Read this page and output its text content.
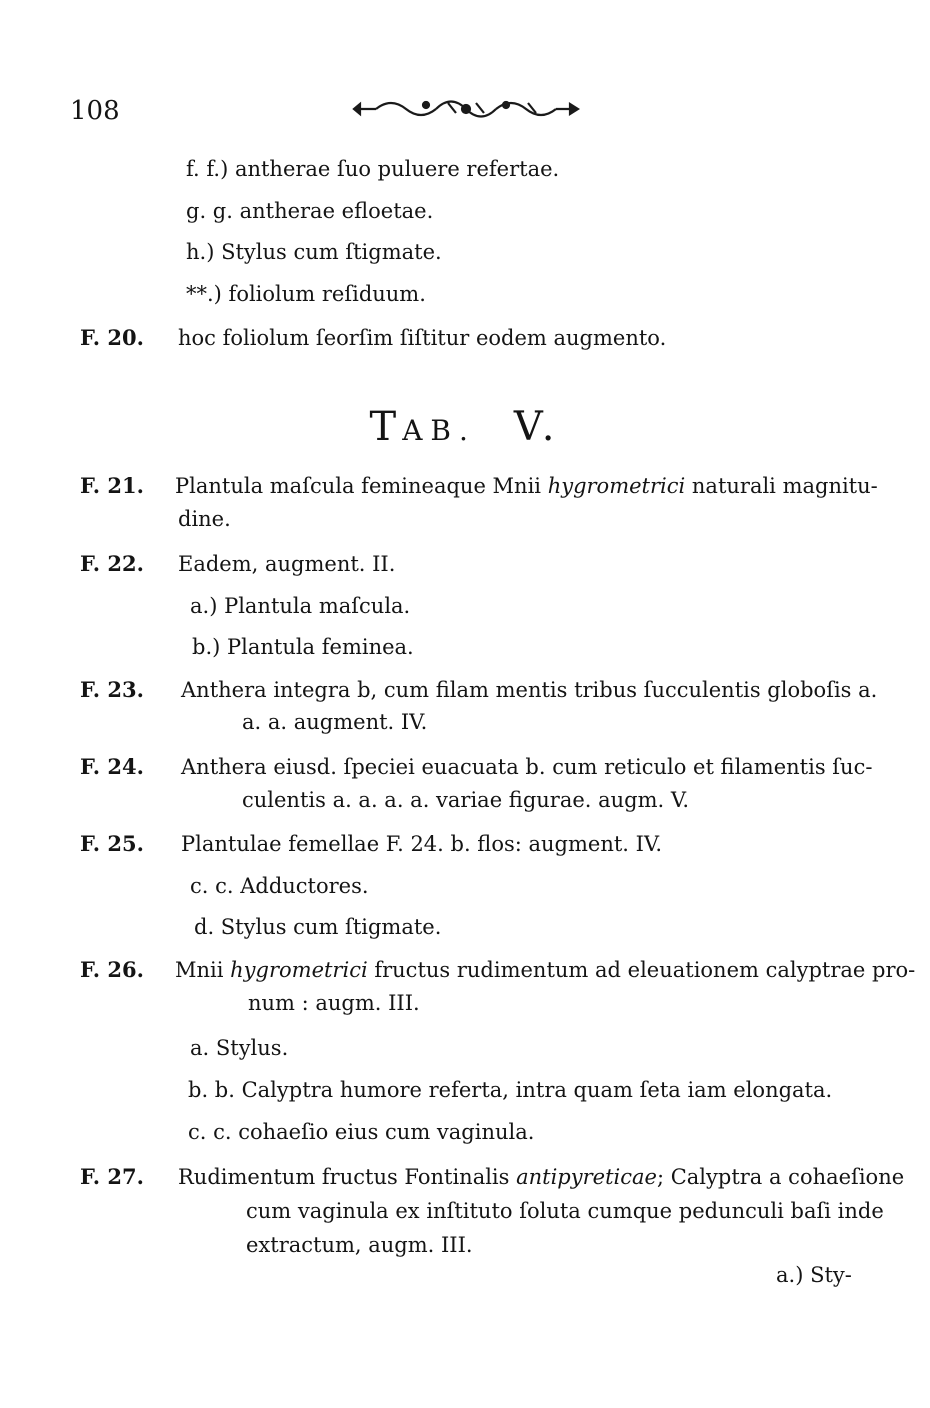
108
f. f.) antherae ſuo puluere refertae.
g. g. antherae efloetae.
h.) Stylus cum ſtigmate.
**.) foliolum reſiduum.
F. 20. hoc foliolum ſeorſim ſiſtitur eodem augmento.
TAB. V.
F. 21. Plantula maſcula femineaque Mnii hygrometrici naturali magnitu-
dine.
F. 22. Eadem, augment. II.
a.) Plantula maſcula.
b.) Plantula feminea.
F. 23. Anthera integra b, cum filam mentis tribus ſucculentis globoſis a.
a. a. augment. IV.
F. 24. Anthera eiusd. ſpeciei euacuata b. cum reticulo et filamentis ſuc-
culentis a. a. a. a. variae figurae. augm. V.
F. 25. Plantulae femellae F. 24. b. flos: augment. IV.
c. c. Adductores.
d. Stylus cum ſtigmate.
F. 26. Mnii hygrometrici fructus rudimentum ad eleuationem calyptrae pro-
num : augm. III.
a. Stylus.
b. b. Calyptra humore referta, intra quam ſeta iam elongata.
c. c. cohaeſio eius cum vaginula.
F. 27. Rudimentum fructus Fontinalis antipyreticae; Calyptra a cohaeſione
cum vaginula ex inſtituto ſoluta cumque pedunculi baſi inde
extractum, augm. III.
a.) Sty-
